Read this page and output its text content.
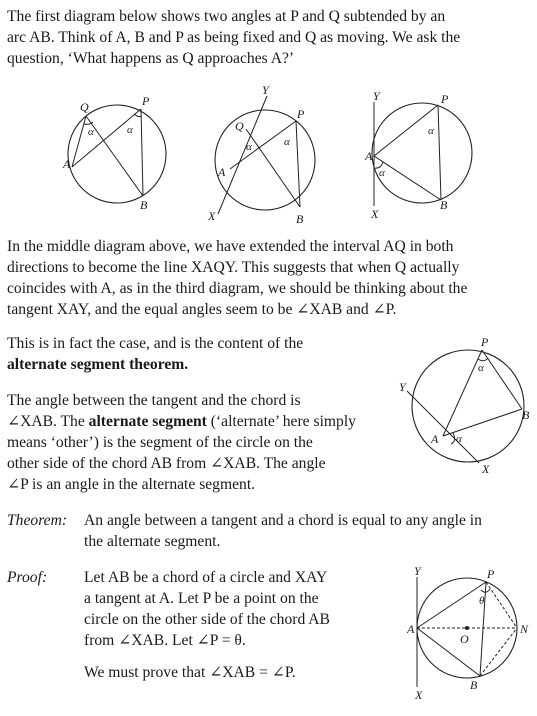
The first diagram below shows two angles at P and Q subtended by an
arc AB. Think of A, B and P as being fixed and Q as moving. We ask the
question, ‘What happens as Q approaches A?’
Q	P
A
B
α	α
Y
Q
P
A
B
X
α	α
Y	P
A
B
X
α
α
In the middle diagram above, we have extended the interval AQ in both
directions to become the line XAQY. This suggests that when Q actually
coincides with A, as in the third diagram, we should be thinking about the
tangent XAY, and the equal angles seem to be ∠XAB and ∠P.
This is in fact the case, and is the content of the
alternate segment theorem.
The angle between the tangent and the chord is
∠XAB. The alternate segment (‘alternate’ here simply
means ‘other’) is the segment of the circle on the
other side of the chord AB from ∠XAB. The angle
∠P is an angle in the alternate segment.
P
Y
B
A
X
α
α
Theorem: An angle between a tangent and a chord is equal to any angle in
the alternate segment.
Proof: Let AB be a chord of a circle and XAY
a tangent at A. Let P be a point on the
circle on the other side of the chord AB
from ∠XAB. Let ∠P = θ.
We must prove that ∠XAB = ∠P.
Y	P
A	N
O
B
X
θ
